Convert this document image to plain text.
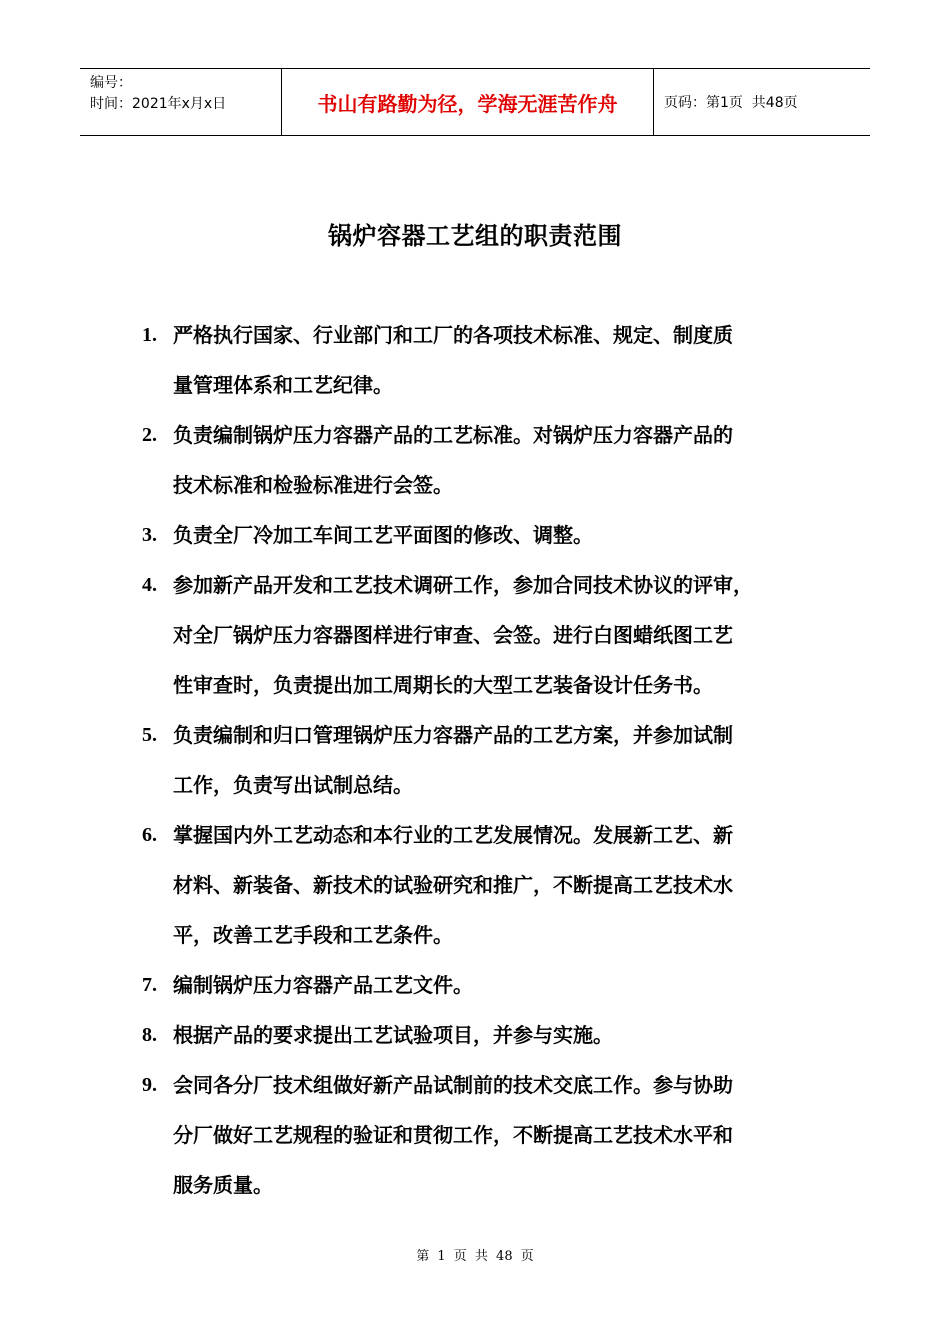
编号：
时间：2021年x月x日	书山有路勤为径，学海无涯苦作舟	页码：第1页  共48页
锅炉容器工艺组的职责范围
1. 严格执行国家、行业部门和工厂的各项技术标准、规定、制度质
量管理体系和工艺纪律。
2. 负责编制锅炉压力容器产品的工艺标准。对锅炉压力容器产品的
技术标准和检验标准进行会签。
3. 负责全厂冷加工车间工艺平面图的修改、调整。
4. 参加新产品开发和工艺技术调研工作，参加合同技术协议的评审，
对全厂锅炉压力容器图样进行审查、会签。进行白图蜡纸图工艺
性审查时，负责提出加工周期长的大型工艺装备设计任务书。
5. 负责编制和归口管理锅炉压力容器产品的工艺方案，并参加试制
工作，负责写出试制总结。
6. 掌握国内外工艺动态和本行业的工艺发展情况。发展新工艺、新
材料、新装备、新技术的试验研究和推广，不断提高工艺技术水
平，改善工艺手段和工艺条件。
7. 编制锅炉压力容器产品工艺文件。
8. 根据产品的要求提出工艺试验项目，并参与实施。
9. 会同各分厂技术组做好新产品试制前的技术交底工作。参与协助
分厂做好工艺规程的验证和贯彻工作，不断提高工艺技术水平和
服务质量。
第 1 页 共 48 页
